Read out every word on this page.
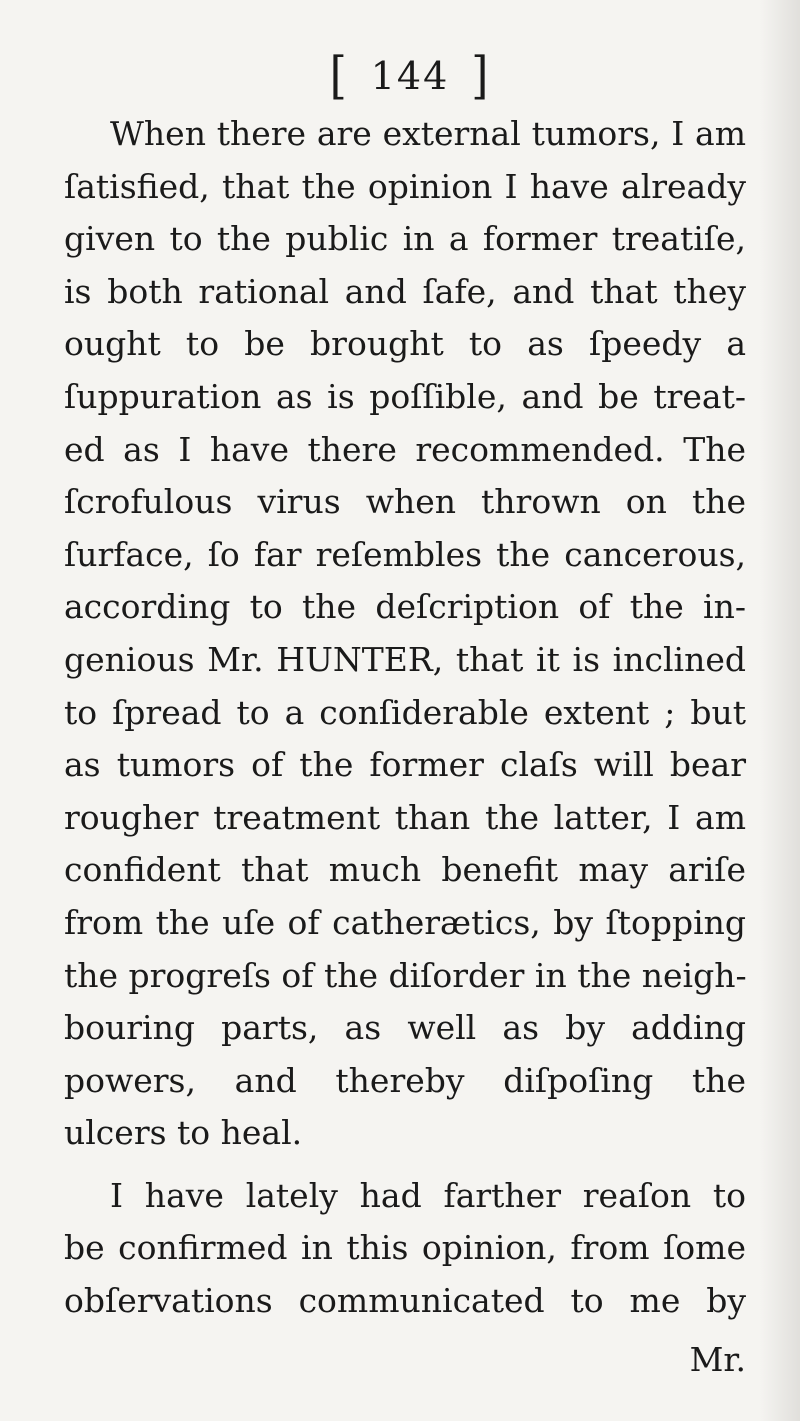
[ 144 ]
When there are external tumors, I am
ſatisfied, that the opinion I have already
given to the public in a former treatiſe,
is both rational and ſafe, and that they
ought to be brought to as ſpeedy a
ſuppuration as is poſſible, and be treat-
ed as I have there recommended. The
ſcrofulous virus when thrown on the
ſurface, ſo far reſembles the cancerous,
according to the deſcription of the in-
genious Mr. HUNTER, that it is inclined
to ſpread to a conſiderable extent ; but
as tumors of the former claſs will bear
rougher treatment than the latter, I am
confident that much benefit may ariſe
from the uſe of catherætics, by ſtopping
the progreſs of the diſorder in the neigh-
bouring parts, as well as by adding
powers, and thereby diſpoſing the
ulcers to heal.
I have lately had farther reaſon to
be confirmed in this opinion, from ſome
obſervations communicated to me by
Mr.
